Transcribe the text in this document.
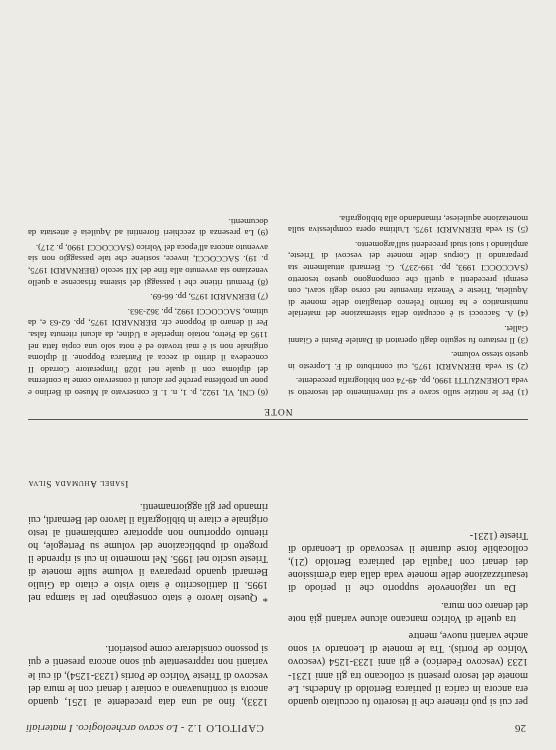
26
CAPITOLO 1.2 - Lo scavo archeologico. I materiali

per cui si può ritenere che il tesoretto fu occultato quando era ancora in carica il patriarca Bertoldo di Andechs. Le monete del tesoro presenti si collocano tra gli anni 1231-1233 (vescovo Federico) e gli anni 1233-1254 (vescovo Volrico de Portis). Tra le monete di Leonardo vi sono anche varianti nuove, mentre

tra quelle di Volrico mancano alcune varianti già note del denaro con mura.

Da un ragionevole supporto che il periodo di tesaurizzazione delle monete vada dalla data d'emissione dei denari con l'aquila del patriarca Bertoldo (21), collocabile forse durante il vescovado di Leonardo di Trieste (1231-

1233), fino ad una data precedente al 1251, quando ancora si continuavano a coniare i denari con le mura del vescovo di Trieste Volrico de Portis (1233-1254), di cui le varianti non rappresentate qui sono ancora presenti e qui si possono considerare come posteriori.

* Questo lavoro è stato consegnato per la stampa nel 1995. Il dattiloscritto è stato visto e citato da Giulio Bernardi quando preparava il volume sulle monete di Trieste uscito nel 1995. Nel momento in cui si riprende il progetto di pubblicazione del volume su Pertegole, ho ritenuto opportuno non apportare cambiamenti al testo originale e citare in bibliografia il lavoro del Bernardi, cui rimando per gli aggiornamenti.

Isabel Ahumada Silva
NOTE

(1) Per le notizie sullo scavo e sul rinvenimento del tesoretto si veda LORENZUTTI 1990, pp. 49-74 con bibliografia precedente.

(2) Si veda BERNARDI 1975, cui contributo di F. Lopresto in questo stesso volume.

(3) Il restauro fu seguito dagli operatori di Daniele Pasini e Gianni Gallet.

(4) A. Saccocci si è occupato della sistemazione del materiale numismatico e ha fornito l'elenco dettagliato delle monete di Aquileia, Trieste e Venezia rinvenute nel corso degli scavi, con esempi precedenti a quelli che compongono questo tesoretto (SACCOCCI 1993, pp. 199-237). G. Bernardi attualmente sta preparando il Corpus delle monete dei vescovi di Trieste, ampliando i suoi studi precedenti sull'argomento.

(5) Si veda BERNARDI 1975. L'ultima opera complessiva sulla monetazione aquileiese, rimandando alla bibliografia.

(6) CNI, VI, 1922, p. 1, n. 1. E conservato al Museo di Berlino e pone un problema perché per alcuni il conservato come la conferma del diploma con il quale nel 1028 l'imperatore Corrado II concedeva il diritto di zecca al Patriarca Poppone. Il diploma originale non si è mai trovato ed è nota solo una copia fatta nel 1195 da Pietro, notaio imperiale a Udine, da alcuni ritenuta falsa. Per il denaro di Poppone cfr. BERNARDI 1975, pp. 62-63 e, da ultimo, SACCOCCI 1992, pp. 362-363.

(7) BERNARDI 1975, pp. 66-69.

(8) Premuti ritiene che i passaggi del sistema frisacense a quello veneziano sia avvenuto alla fine del XII secolo (BERNARDI 1975, p. 19). SACCOCCI, invece, sostiene che tale passaggio non sia avvenuto ancora all'epoca del Volrico (SACCOCCI 1990, p. 217).

(9) La presenza di zecchieri fiorentini ad Aquileia è attestata da documenti.
